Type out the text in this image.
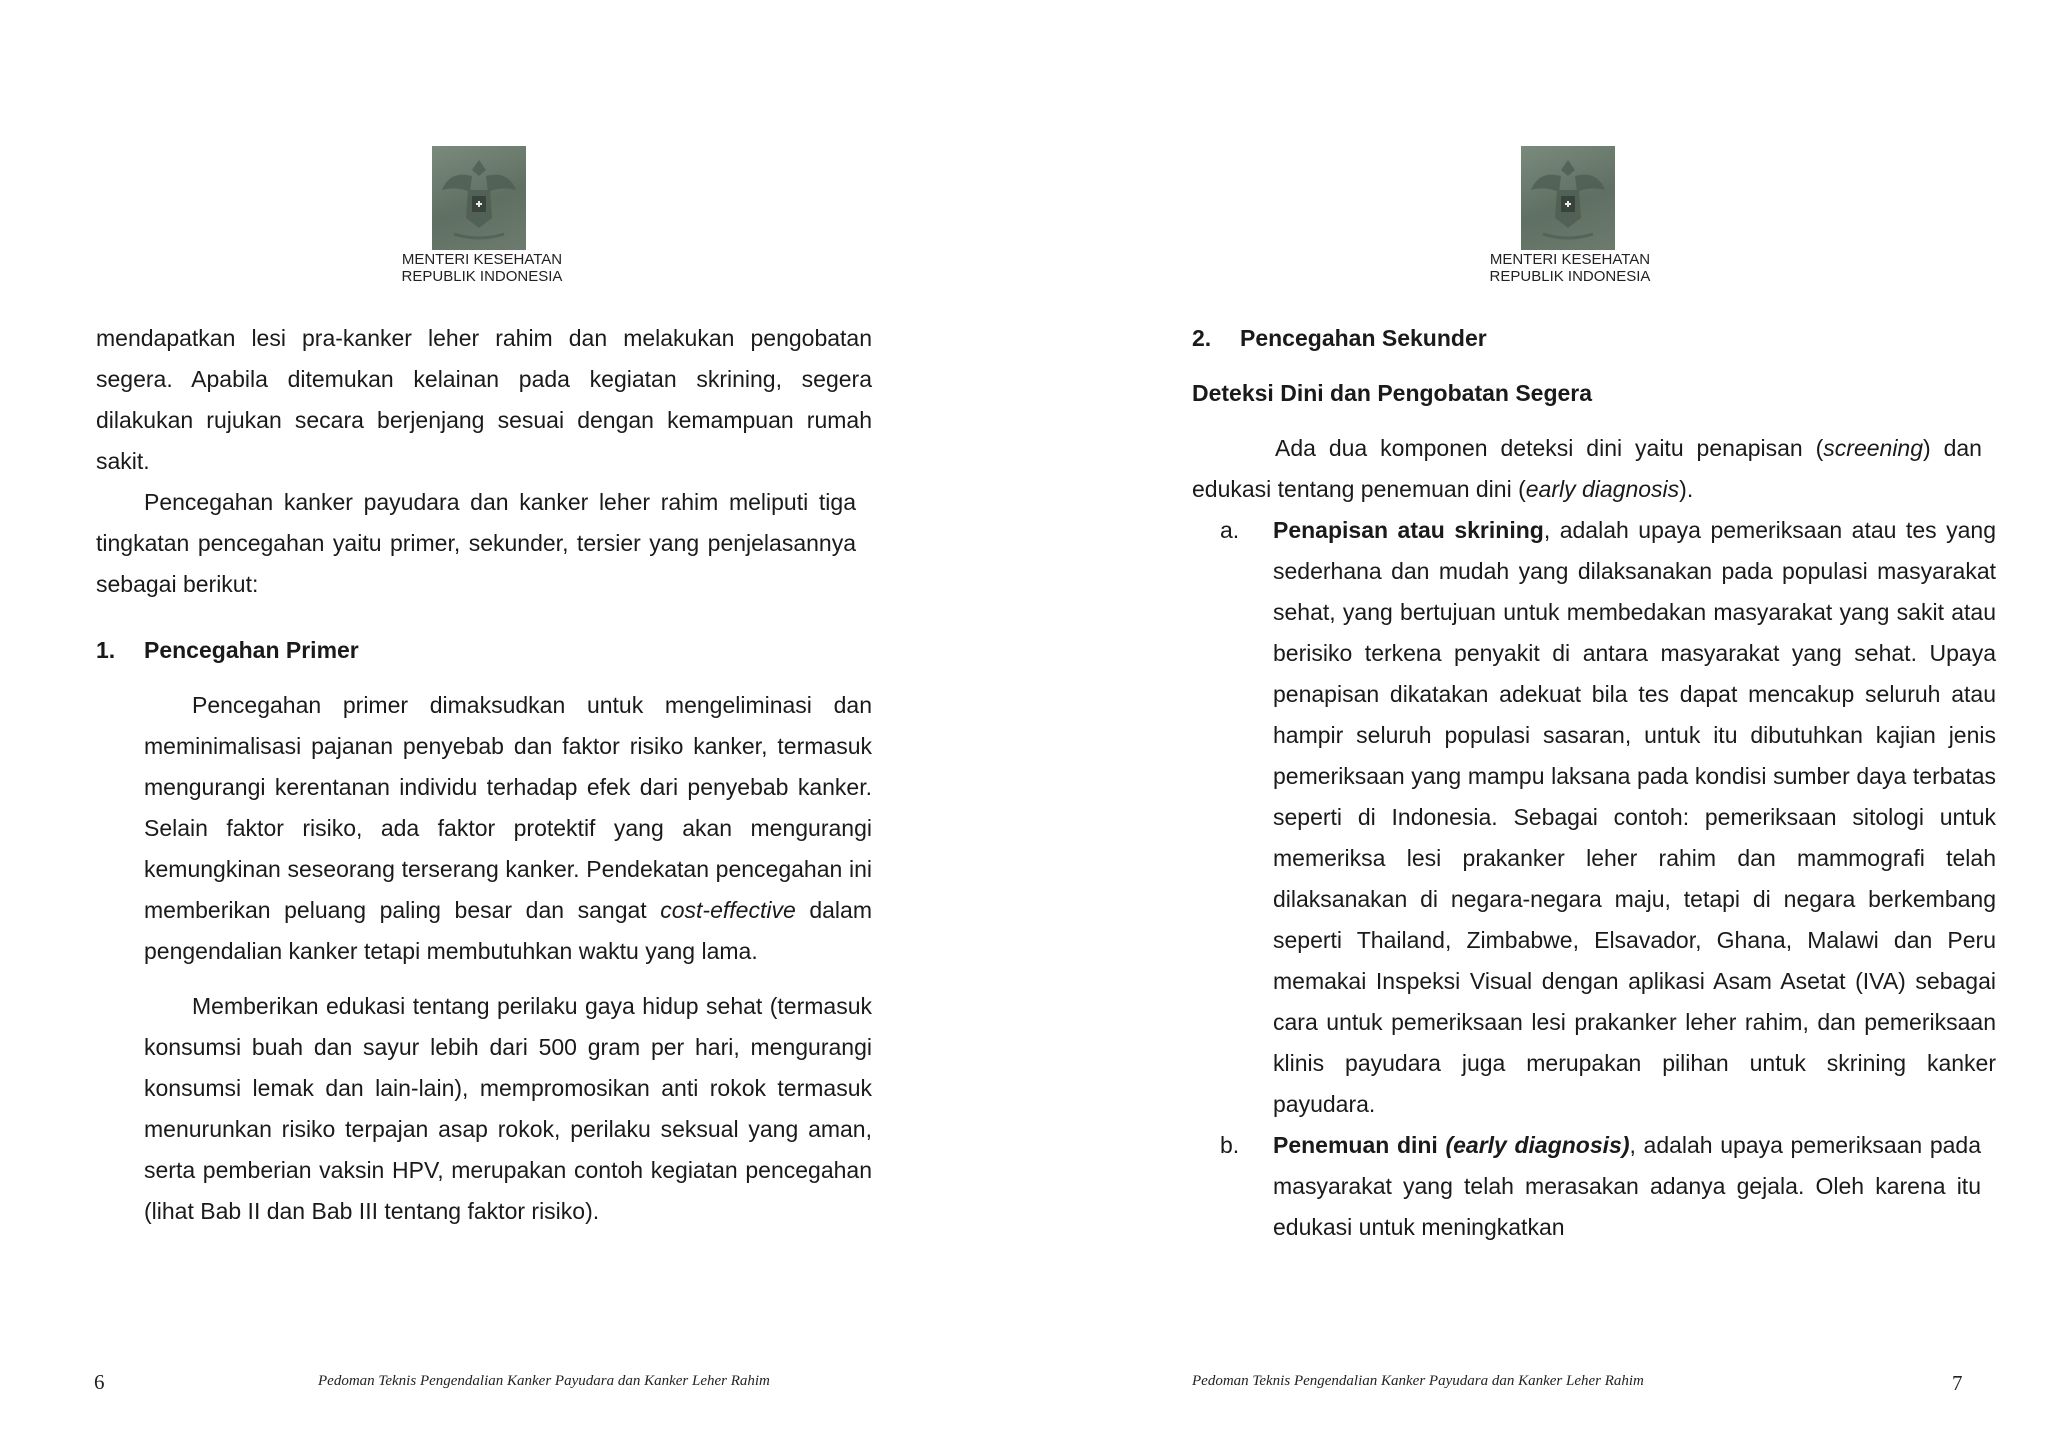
MENTERI KESEHATAN
REPUBLIK INDONESIA

mendapatkan lesi pra-kanker leher rahim dan melakukan pengobatan segera. Apabila ditemukan kelainan pada kegiatan skrining, segera dilakukan rujukan secara berjenjang sesuai dengan kemampuan rumah sakit.

Pencegahan kanker payudara dan kanker leher rahim meliputi tiga tingkatan pencegahan yaitu primer, sekunder, tersier yang penjelasannya sebagai berikut:

1. Pencegahan Primer

Pencegahan primer dimaksudkan untuk mengeliminasi dan meminimalisasi pajanan penyebab dan faktor risiko kanker, termasuk mengurangi kerentanan individu terhadap efek dari penyebab kanker. Selain faktor risiko, ada faktor protektif yang akan mengurangi kemungkinan seseorang terserang kanker. Pendekatan pencegahan ini memberikan peluang paling besar dan sangat cost-effective dalam pengendalian kanker tetapi membutuhkan waktu yang lama.

Memberikan edukasi tentang perilaku gaya hidup sehat (termasuk konsumsi buah dan sayur lebih dari 500 gram per hari, mengurangi konsumsi lemak dan lain-lain), mempromosikan anti rokok termasuk menurunkan risiko terpajan asap rokok, perilaku seksual yang aman, serta pemberian vaksin HPV, merupakan contoh kegiatan pencegahan (lihat Bab II dan Bab III tentang faktor risiko).

6	Pedoman Teknis Pengendalian Kanker Payudara dan Kanker Leher Rahim
MENTERI KESEHATAN
REPUBLIK INDONESIA

2. Pencegahan Sekunder

Deteksi Dini dan Pengobatan Segera

Ada dua komponen deteksi dini yaitu penapisan (screening) dan edukasi tentang penemuan dini (early diagnosis).

a. Penapisan atau skrining, adalah upaya pemeriksaan atau tes yang sederhana dan mudah yang dilaksanakan pada populasi masyarakat sehat, yang bertujuan untuk membedakan masyarakat yang sakit atau berisiko terkena penyakit di antara masyarakat yang sehat. Upaya penapisan dikatakan adekuat bila tes dapat mencakup seluruh atau hampir seluruh populasi sasaran, untuk itu dibutuhkan kajian jenis pemeriksaan yang mampu laksana pada kondisi sumber daya terbatas seperti di Indonesia. Sebagai contoh: pemeriksaan sitologi untuk memeriksa lesi prakanker leher rahim dan mammografi telah dilaksanakan di negara-negara maju, tetapi di negara berkembang seperti Thailand, Zimbabwe, Elsavador, Ghana, Malawi dan Peru memakai Inspeksi Visual dengan aplikasi Asam Asetat (IVA) sebagai cara untuk pemeriksaan lesi prakanker leher rahim, dan pemeriksaan klinis payudara juga merupakan pilihan untuk skrining kanker payudara.
b. Penemuan dini (early diagnosis), adalah upaya pemeriksaan pada masyarakat yang telah merasakan adanya gejala. Oleh karena itu edukasi untuk meningkatkan
Pedoman Teknis Pengendalian Kanker Payudara dan Kanker Leher Rahim	7
